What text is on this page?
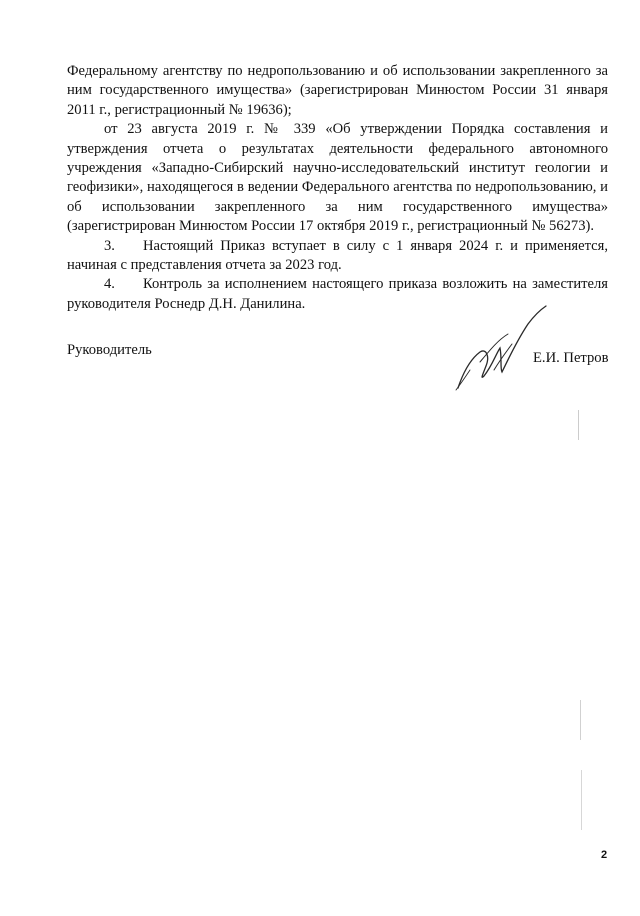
Федеральному агентству по недропользованию и об использовании закрепленного за ним государственного имущества» (зарегистрирован Минюстом России 31 января 2011 г., регистрационный № 19636);

от 23 августа 2019 г. № 339 «Об утверждении Порядка составления и утверждения отчета о результатах деятельности федерального автономного учреждения «Западно-Сибирский научно-исследовательский институт геологии и геофизики», находящегося в ведении Федерального агентства по недропользованию, и об использовании закрепленного за ним государственного имущества» (зарегистрирован Минюстом России 17 октября 2019 г., регистрационный № 56273).

3. Настоящий Приказ вступает в силу с 1 января 2024 г. и применяется, начиная с представления отчета за 2023 год.

4. Контроль за исполнением настоящего приказа возложить на заместителя руководителя Роснедр Д.Н. Данилина.

Руководитель	Е.И. Петров
2
